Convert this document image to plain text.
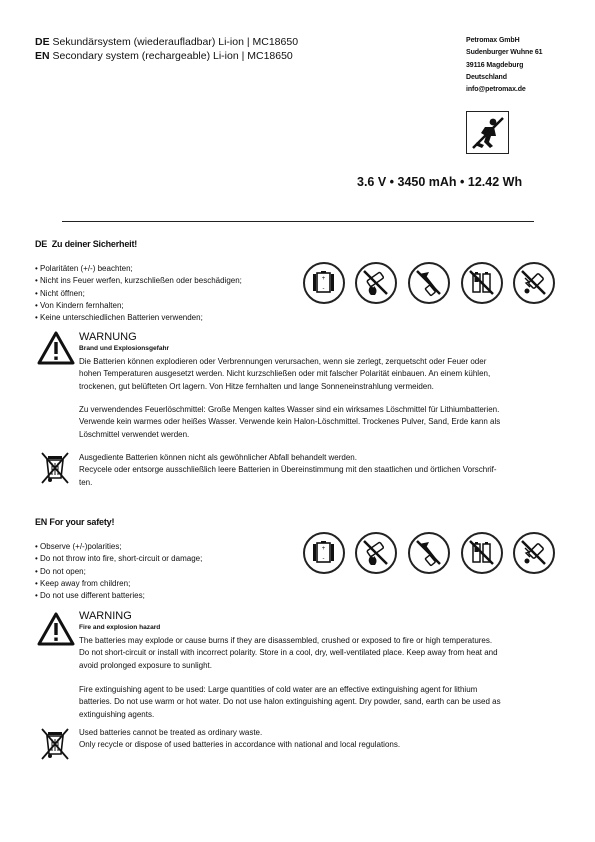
DE Sekundärsystem (wiederaufladbar) Li-ion | MC18650
EN Secondary system (rechargeable) Li-ion | MC18650
Petromax GmbH
Sudenburger Wuhne 61
39116 Magdeburg
Deutschland
info@petromax.de
3.6 V • 3450 mAh • 12.42 Wh
DE Zu deiner Sicherheit!
• Polaritäten (+/-) beachten;
• Nicht ins Feuer werfen, kurzschließen oder beschädigen;
• Nicht öffnen;
• Von Kindern fernhalten;
• Keine unterschiedlichen Batterien verwenden;
+
-
WARNUNG
Brand und Explosionsgefahr
Die Batterien können explodieren oder Verbrennungen verursachen, wenn sie zerlegt, zerquetscht oder Feuer oder
hohen Temperaturen ausgesetzt werden. Nicht kurzschließen oder mit falscher Polarität einbauen. An einem kühlen,
trockenen, gut belüfteten Ort lagern. Von Hitze fernhalten und lange Sonneneinstrahlung vermeiden.
Zu verwendendes Feuerlöschmittel: Große Mengen kaltes Wasser sind ein wirksames Löschmittel für Lithiumbatterien.
Verwende kein warmes oder heißes Wasser. Verwende kein Halon-Löschmittel. Trockenes Pulver, Sand, Erde kann als
Löschmittel verwendet werden.
Ausgediente Batterien können nicht als gewöhnlicher Abfall behandelt werden.
Recycele oder entsorge ausschließlich leere Batterien in Übereinstimmung mit den staatlichen und örtlichen Vorschrif-
ten.
EN For your safety!
• Observe (+/-)polarities;
• Do not throw into fire, short-circuit or damage;
• Do not open;
• Keep away from children;
• Do not use different batteries;
+
-
WARNING
Fire and explosion hazard
The batteries may explode or cause burns if they are disassembled, crushed or exposed to fire or high temperatures.
Do not short-circuit or install with incorrect polarity. Store in a cool, dry, well-ventilated place. Keep away from heat and
avoid prolonged exposure to sunlight.
Fire extinguishing agent to be used: Large quantities of cold water are an effective extinguishing agent for lithium
batteries. Do not use warm or hot water. Do not use halon extinguishing agent. Dry powder, sand, earth can be used as
extinguishing agents.
Used batteries cannot be treated as ordinary waste.
Only recycle or dispose of used batteries in accordance with national and local regulations.
